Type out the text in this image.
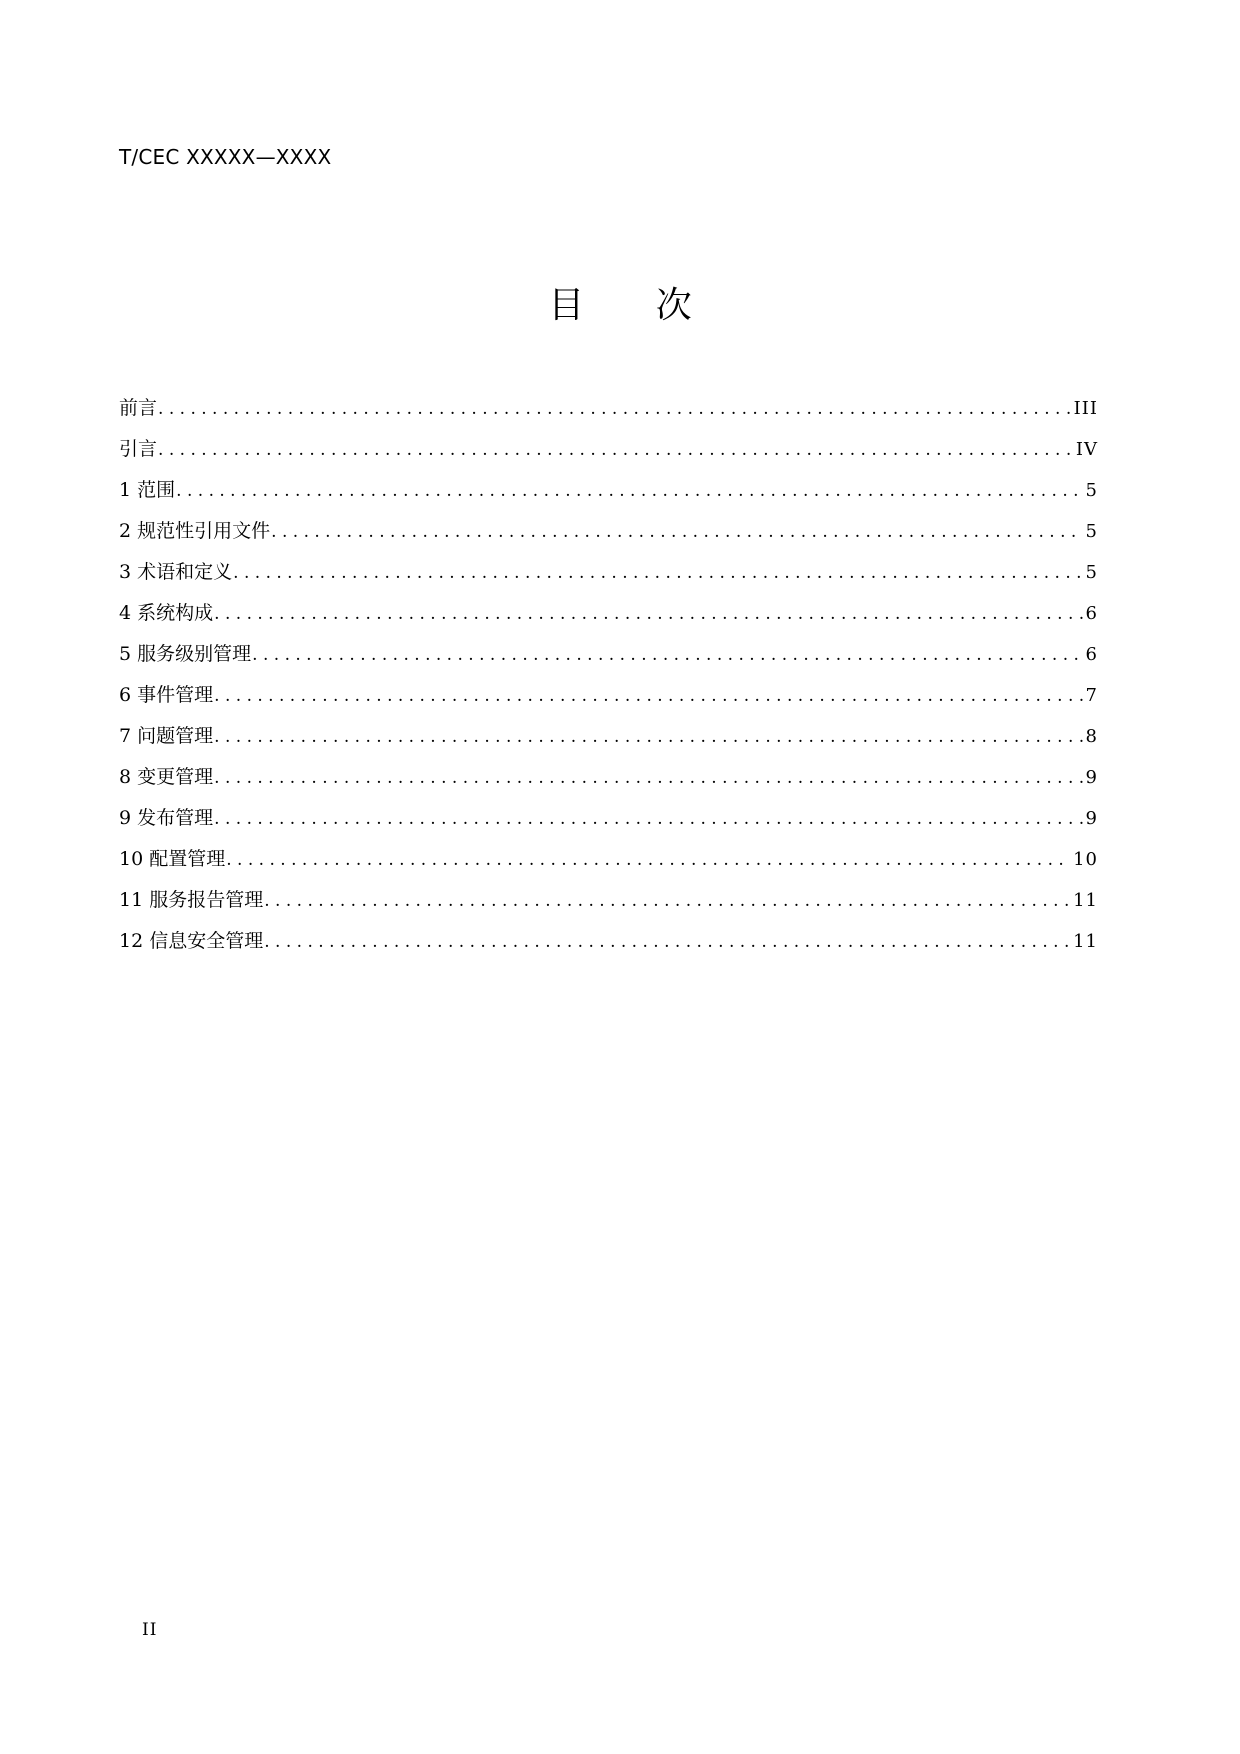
T/CEC XXXXX—XXXX
目 次
前言 . . .	III
引言 . . .	IV
1 范围 . . .	5
2 规范性引用文件 . . .	5
3 术语和定义 . . .	5
4 系统构成 . . .	6
5 服务级别管理 . . .	6
6 事件管理 . . .	7
7 问题管理 . . .	8
8 变更管理 . . .	9
9 发布管理 . . .	9
10 配置管理 . . .	10
11 服务报告管理 . . .	11
12 信息安全管理 . . .	11
II
